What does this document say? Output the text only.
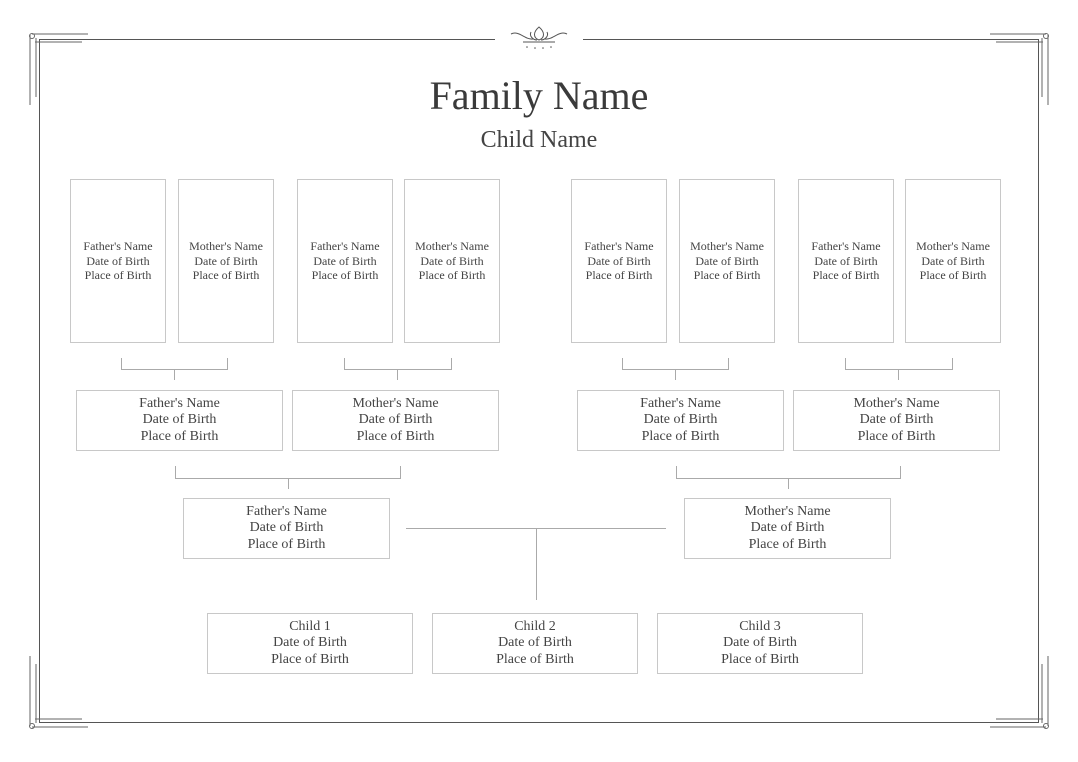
Family Name
Child Name
Father's Name
Date of Birth
Place of Birth
Mother's Name
Date of Birth
Place of Birth
Father's Name
Date of Birth
Place of Birth
Mother's Name
Date of Birth
Place of Birth
Father's Name
Date of Birth
Place of Birth
Mother's Name
Date of Birth
Place of Birth
Father's Name
Date of Birth
Place of Birth
Mother's Name
Date of Birth
Place of Birth
Father's Name
Date of Birth
Place of Birth
Mother's Name
Date of Birth
Place of Birth
Father's Name
Date of Birth
Place of Birth
Mother's Name
Date of Birth
Place of Birth
Father's Name
Date of Birth
Place of Birth
Mother's Name
Date of Birth
Place of Birth
Child 1
Date of Birth
Place of Birth
Child 2
Date of Birth
Place of Birth
Child 3
Date of Birth
Place of Birth
